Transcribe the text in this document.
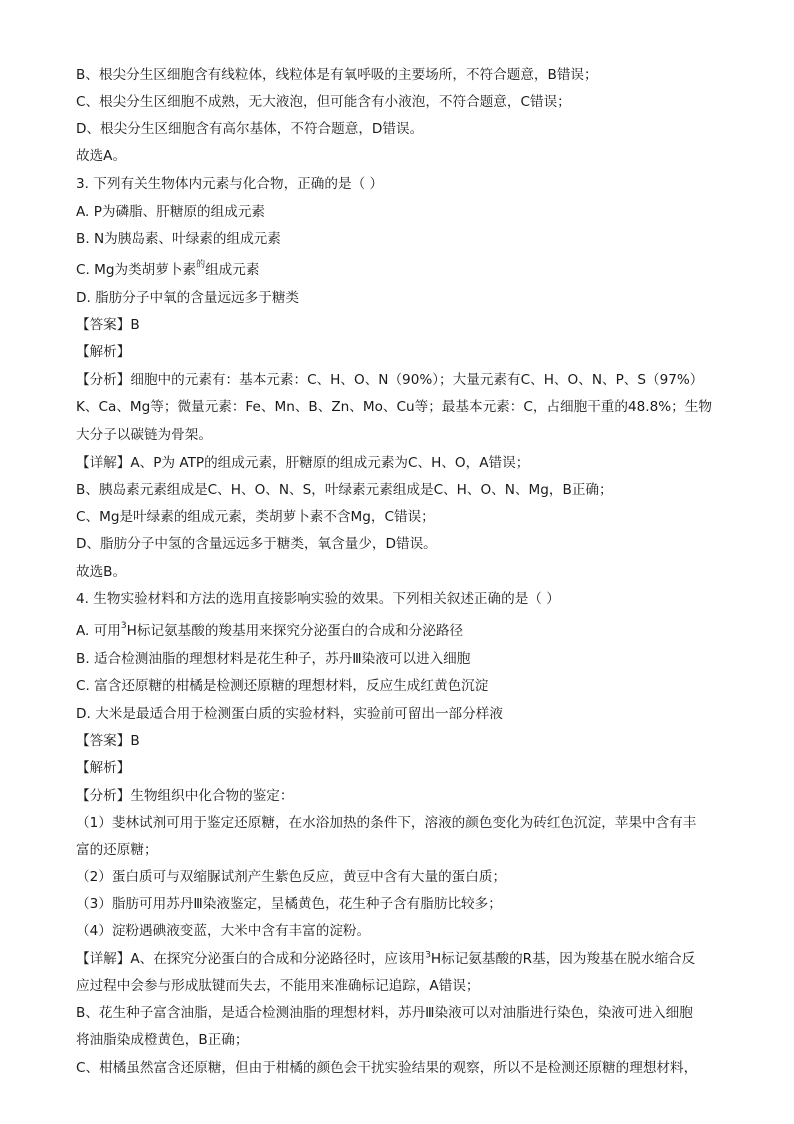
B、根尖分生区细胞含有线粒体，线粒体是有氧呼吸的主要场所，不符合题意，B错误；
C、根尖分生区细胞不成熟，无大液泡，但可能含有小液泡，不符合题意，C错误；
D、根尖分生区细胞含有高尔基体，不符合题意，D错误。
故选A。
3. 下列有关生物体内元素与化合物，正确的是（ ）
A. P为磷脂、肝糖原的组成元素
B. N为胰岛素、叶绿素的组成元素
C. Mg为类胡萝卜素$^的$组成元素
D. 脂肪分子中氧的含量远远多于糖类
【答案】B
【解析】
【分析】细胞中的元素有：基本元素：C、H、O、N（90%）；大量元素有C、H、O、N、P、S（97%）
K、Ca、Mg等；微量元素：Fe、Mn、B、Zn、Mo、Cu等；最基本元素：C，占细胞干重的48.8%；生物
大分子以碳链为骨架。
【详解】A、P为 ATP的组成元素，肝糖原的组成元素为C、H、O，A错误；
B、胰岛素元素组成是C、H、O、N、S，叶绿素元素组成是C、H、O、N、Mg，B正确；
C、Mg是叶绿素的组成元素，类胡萝卜素不含Mg，C错误；
D、脂肪分子中氢的含量远远多于糖类，氧含量少，D错误。
故选B。
4. 生物实验材料和方法的选用直接影响实验的效果。下列相关叙述正确的是（ ）
A. 可用$^3$H标记氨基酸的羧基用来探究分泌蛋白的合成和分泌路径
B. 适合检测油脂的理想材料是花生种子，苏丹Ⅲ染液可以进入细胞
C. 富含还原糖的柑橘是检测还原糖的理想材料，反应生成红黄色沉淀
D. 大米是最适合用于检测蛋白质的实验材料，实验前可留出一部分样液
【答案】B
【解析】
【分析】生物组织中化合物的鉴定：
（1）斐林试剂可用于鉴定还原糖，在水浴加热的条件下，溶液的颜色变化为砖红色沉淀，苹果中含有丰
富的还原糖；
（2）蛋白质可与双缩脲试剂产生紫色反应，黄豆中含有大量的蛋白质；
（3）脂肪可用苏丹Ⅲ染液鉴定，呈橘黄色，花生种子含有脂肪比较多；
（4）淀粉遇碘液变蓝，大米中含有丰富的淀粉。
【详解】A、在探究分泌蛋白的合成和分泌路径时，应该用$^3$H标记氨基酸的R基，因为羧基在脱水缩合反
应过程中会参与形成肽键而失去，不能用来准确标记追踪，A错误；
B、花生种子富含油脂，是适合检测油脂的理想材料，苏丹Ⅲ染液可以对油脂进行染色，染液可进入细胞
将油脂染成橙黄色，B正确；
C、柑橘虽然富含还原糖，但由于柑橘的颜色会干扰实验结果的观察，所以不是检测还原糖的理想材料，
